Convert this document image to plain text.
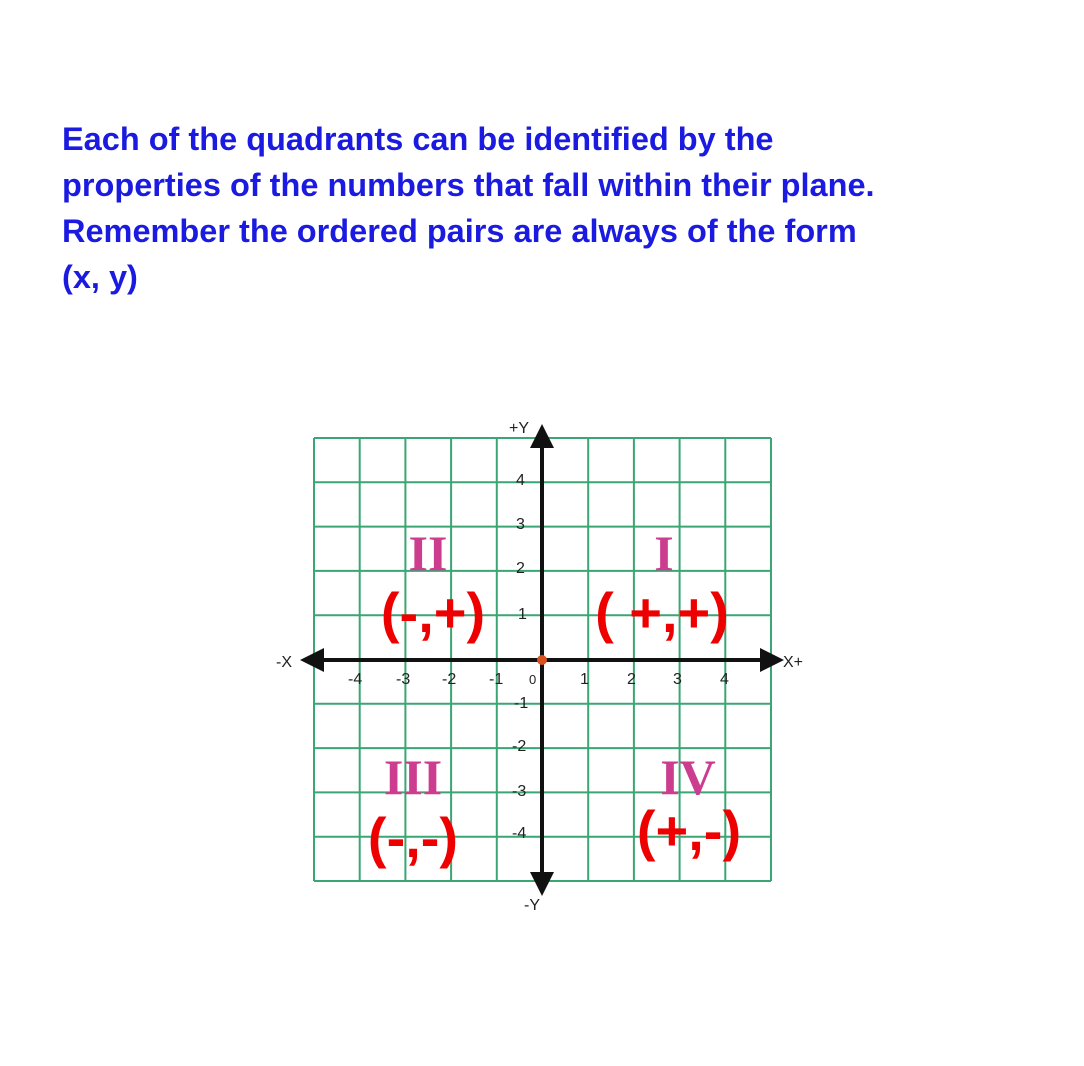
Each of the quadrants can be identified by the
properties of the numbers that fall within their plane.
Remember the ordered pairs are always of the form
(x, y)
+Y
-Y
X+
-X
-4 -3 -2 -1	1 2 3 4
4
3
2
1
-1
-2
-3
-4
0
II	I
III	IV
(-,+) ( +,+)
(-,-)	(+,-)
